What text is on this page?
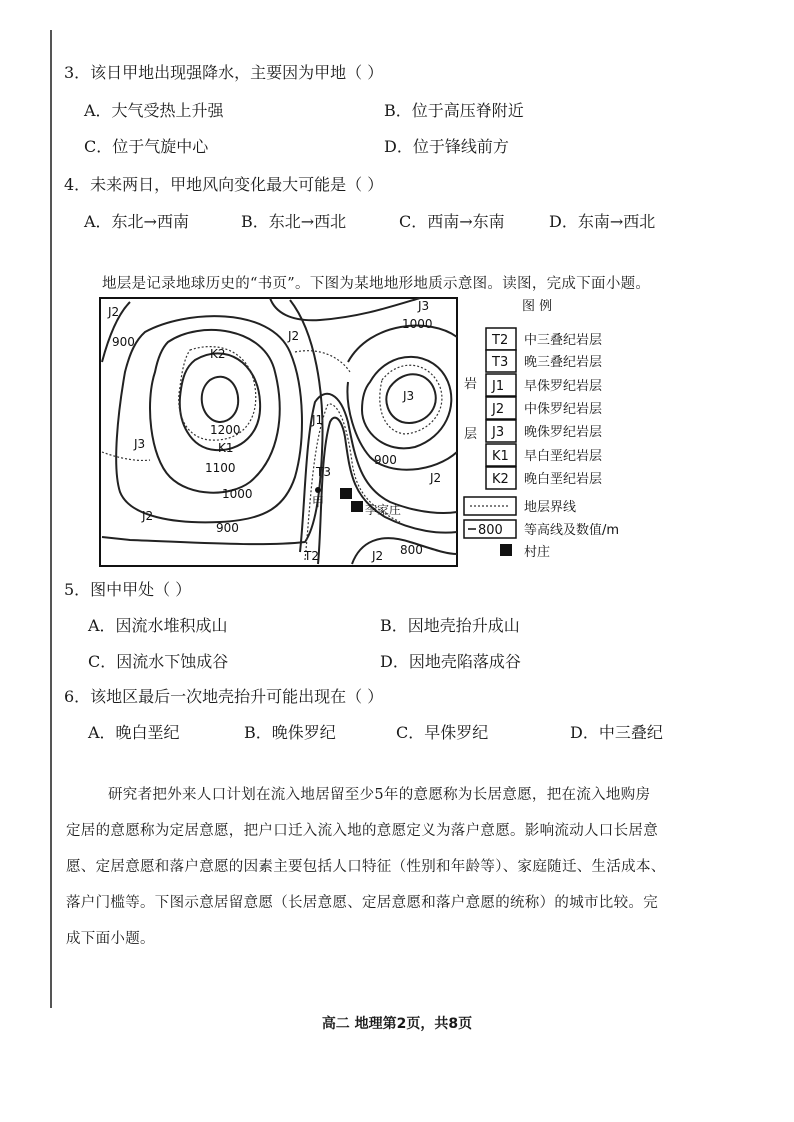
3．该日甲地出现强降水，主要因为甲地（ ）
A．大气受热上升强	B．位于高压脊附近
C．位于气旋中心	D．位于锋线前方
4．未来两日，甲地风向变化最大可能是（ ）
A．东北→西南	B．东北→西北	C．西南→东南	D．东南→西北
地层是记录地球历史的“书页”。下图为某地地形地质示意图。读图，完成下面小题。
J2
900
K2
1200
K1
J3
1100
1000
J2
900
J2
J1
T3
J3
1000
J3
900
J2
800
J2
T2
甲
李家庄
图 例
岩
层
T2 中三叠纪岩层
T3 晚三叠纪岩层
J1 早侏罗纪岩层
J2 中侏罗纪岩层
J3 晚侏罗纪岩层
K1 早白垩纪岩层
K2 晚白垩纪岩层
地层界线
800 等高线及数值/m
村庄
5．图中甲处（ ）
A．因流水堆积成山	B．因地壳抬升成山
C．因流水下蚀成谷	D．因地壳陷落成谷
6．该地区最后一次地壳抬升可能出现在（ ）
A．晚白垩纪	B．晚侏罗纪	C．早侏罗纪	D．中三叠纪
研究者把外来人口计划在流入地居留至少5年的意愿称为长居意愿，把在流入地购房
定居的意愿称为定居意愿，把户口迁入流入地的意愿定义为落户意愿。影响流动人口长居意
愿、定居意愿和落户意愿的因素主要包括人口特征（性别和年龄等）、家庭随迁、生活成本、
落户门槛等。下图示意居留意愿（长居意愿、定居意愿和落户意愿的统称）的城市比较。完
成下面小题。
高二 地理第2页，共8页
